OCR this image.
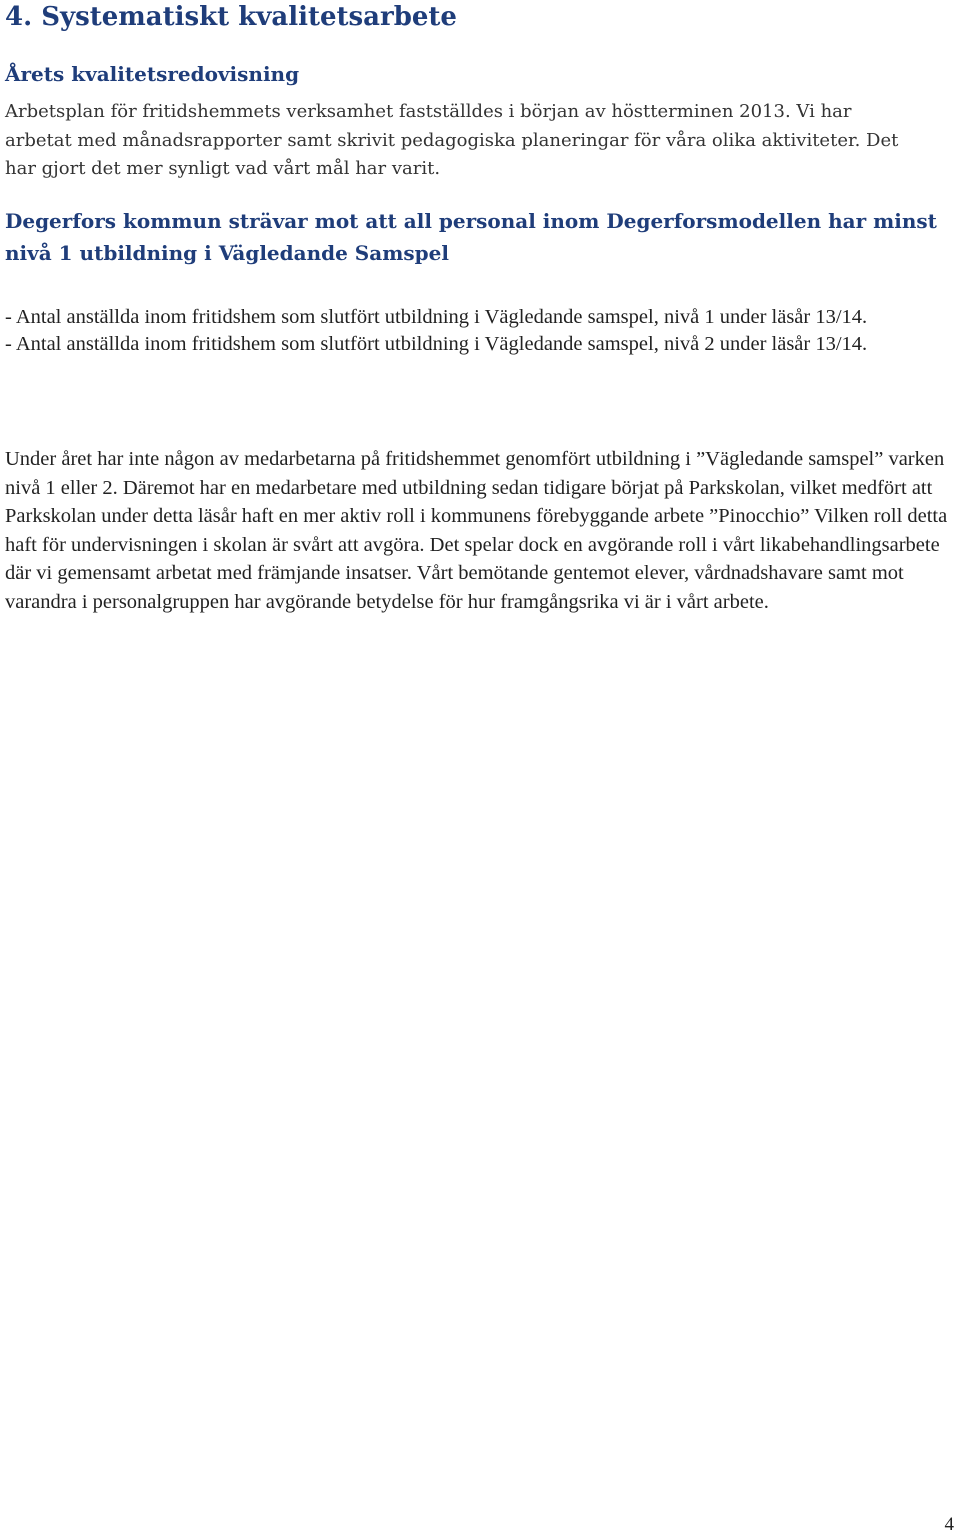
4. Systematiskt kvalitetsarbete
Årets kvalitetsredovisning

Arbetsplan för fritidshemmets verksamhet fastställdes i början av höstterminen 2013. Vi har arbetat med månadsrapporter samt skrivit pedagogiska planeringar för våra olika aktiviteter. Det har gjort det mer synligt vad vårt mål har varit.

Degerfors kommun strävar mot att all personal inom Degerforsmodellen har minst nivå 1 utbildning i Vägledande Samspel
- Antal anställda inom fritidshem som slutfört utbildning i Vägledande samspel, nivå 1 under läsår 13/14.
- Antal anställda inom fritidshem som slutfört utbildning i Vägledande samspel, nivå 2 under läsår 13/14.

Under året har inte någon av medarbetarna på fritidshemmet genomfört utbildning i ”Vägledande samspel” varken nivå 1 eller 2. Däremot har en medarbetare med utbildning sedan tidigare börjat på Parkskolan, vilket medfört att Parkskolan under detta läsår haft en mer aktiv roll i kommunens förebyggande arbete ”Pinocchio” Vilken roll detta haft för undervisningen i skolan är svårt att avgöra. Det spelar dock en avgörande roll i vårt likabehandlingsarbete där vi gemensamt arbetat med främjande insatser. Vårt bemötande gentemot elever, vårdnadshavare samt mot varandra i personalgruppen har avgörande betydelse för hur framgångsrika vi är i vårt arbete.

4
